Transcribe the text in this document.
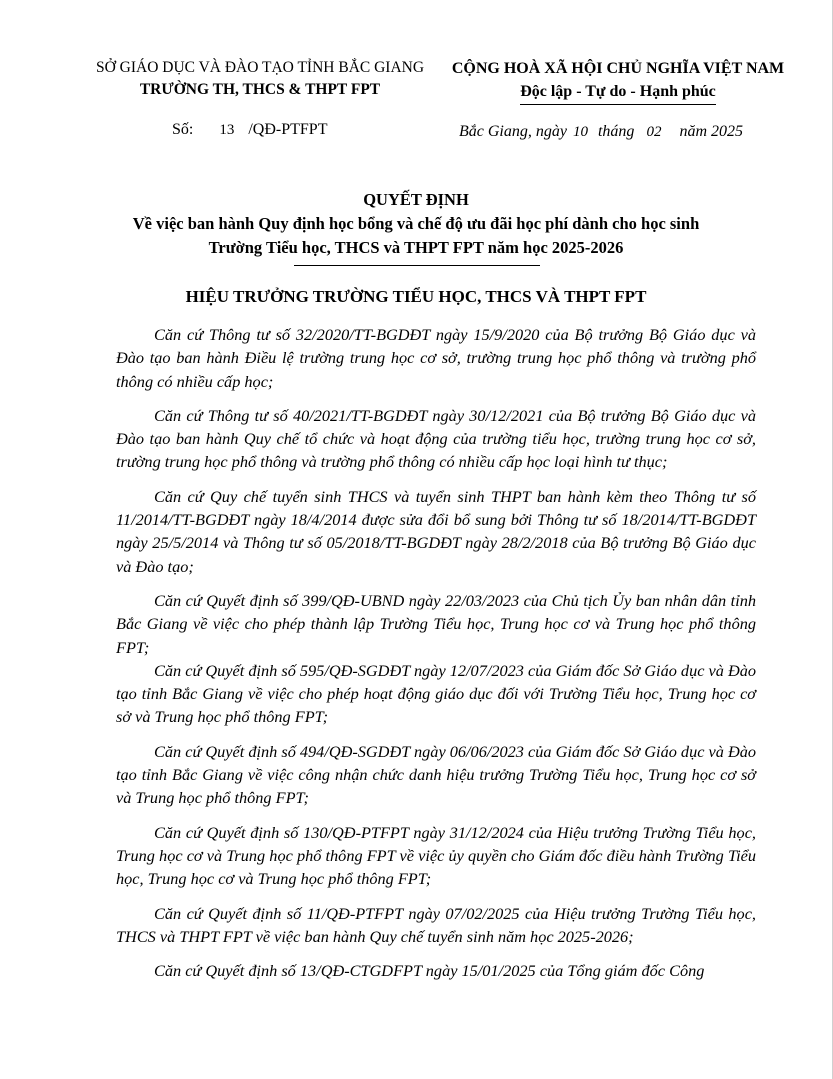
SỞ GIÁO DỤC VÀ ĐÀO TẠO TỈNH BẮC GIANG
TRƯỜNG TH, THCS & THPT FPT
CỘNG HOÀ XÃ HỘI CHỦ NGHĨA VIỆT NAM
Độc lập - Tự do - Hạnh phúc
Số: 13 /QĐ-PTFPT	Bắc Giang, ngày 10 tháng 02 năm 2025
QUYẾT ĐỊNH
Về việc ban hành Quy định học bổng và chế độ ưu đãi học phí dành cho học sinh
Trường Tiểu học, THCS và THPT FPT năm học 2025-2026
HIỆU TRƯỞNG TRƯỜNG TIỂU HỌC, THCS VÀ THPT FPT

Căn cứ Thông tư số 32/2020/TT-BGDĐT ngày 15/9/2020 của Bộ trưởng Bộ Giáo dục và Đào tạo ban hành Điều lệ trường trung học cơ sở, trường trung học phổ thông và trường phổ thông có nhiều cấp học;

Căn cứ Thông tư số 40/2021/TT-BGDĐT ngày 30/12/2021 của Bộ trưởng Bộ Giáo dục và Đào tạo ban hành Quy chế tổ chức và hoạt động của trường tiểu học, trường trung học cơ sở, trường trung học phổ thông và trường phổ thông có nhiều cấp học loại hình tư thục;

Căn cứ Quy chế tuyển sinh THCS và tuyển sinh THPT ban hành kèm theo Thông tư số 11/2014/TT-BGDĐT ngày 18/4/2014 được sửa đổi bổ sung bởi Thông tư số 18/2014/TT-BGDĐT ngày 25/5/2014 và Thông tư số 05/2018/TT-BGDĐT ngày 28/2/2018 của Bộ trưởng Bộ Giáo dục và Đào tạo;

Căn cứ Quyết định số 399/QĐ-UBND ngày 22/03/2023 của Chủ tịch Ủy ban nhân dân tỉnh Bắc Giang về việc cho phép thành lập Trường Tiểu học, Trung học cơ và Trung học phổ thông FPT;

Căn cứ Quyết định số 595/QĐ-SGDĐT ngày 12/07/2023 của Giám đốc Sở Giáo dục và Đào tạo tỉnh Bắc Giang về việc cho phép hoạt động giáo dục đối với Trường Tiểu học, Trung học cơ sở và Trung học phổ thông FPT;

Căn cứ Quyết định số 494/QĐ-SGDĐT ngày 06/06/2023 của Giám đốc Sở Giáo dục và Đào tạo tỉnh Bắc Giang về việc công nhận chức danh hiệu trưởng Trường Tiểu học, Trung học cơ sở và Trung học phổ thông FPT;

Căn cứ Quyết định số 130/QĐ-PTFPT ngày 31/12/2024 của Hiệu trưởng Trường Tiểu học, Trung học cơ và Trung học phổ thông FPT về việc ủy quyền cho Giám đốc điều hành Trường Tiểu học, Trung học cơ và Trung học phổ thông FPT;

Căn cứ Quyết định số 11/QĐ-PTFPT ngày 07/02/2025 của Hiệu trưởng Trường Tiểu học, THCS và THPT FPT về việc ban hành Quy chế tuyển sinh năm học 2025-2026;

Căn cứ Quyết định số 13/QĐ-CTGDFPT ngày 15/01/2025 của Tổng giám đốc Công
